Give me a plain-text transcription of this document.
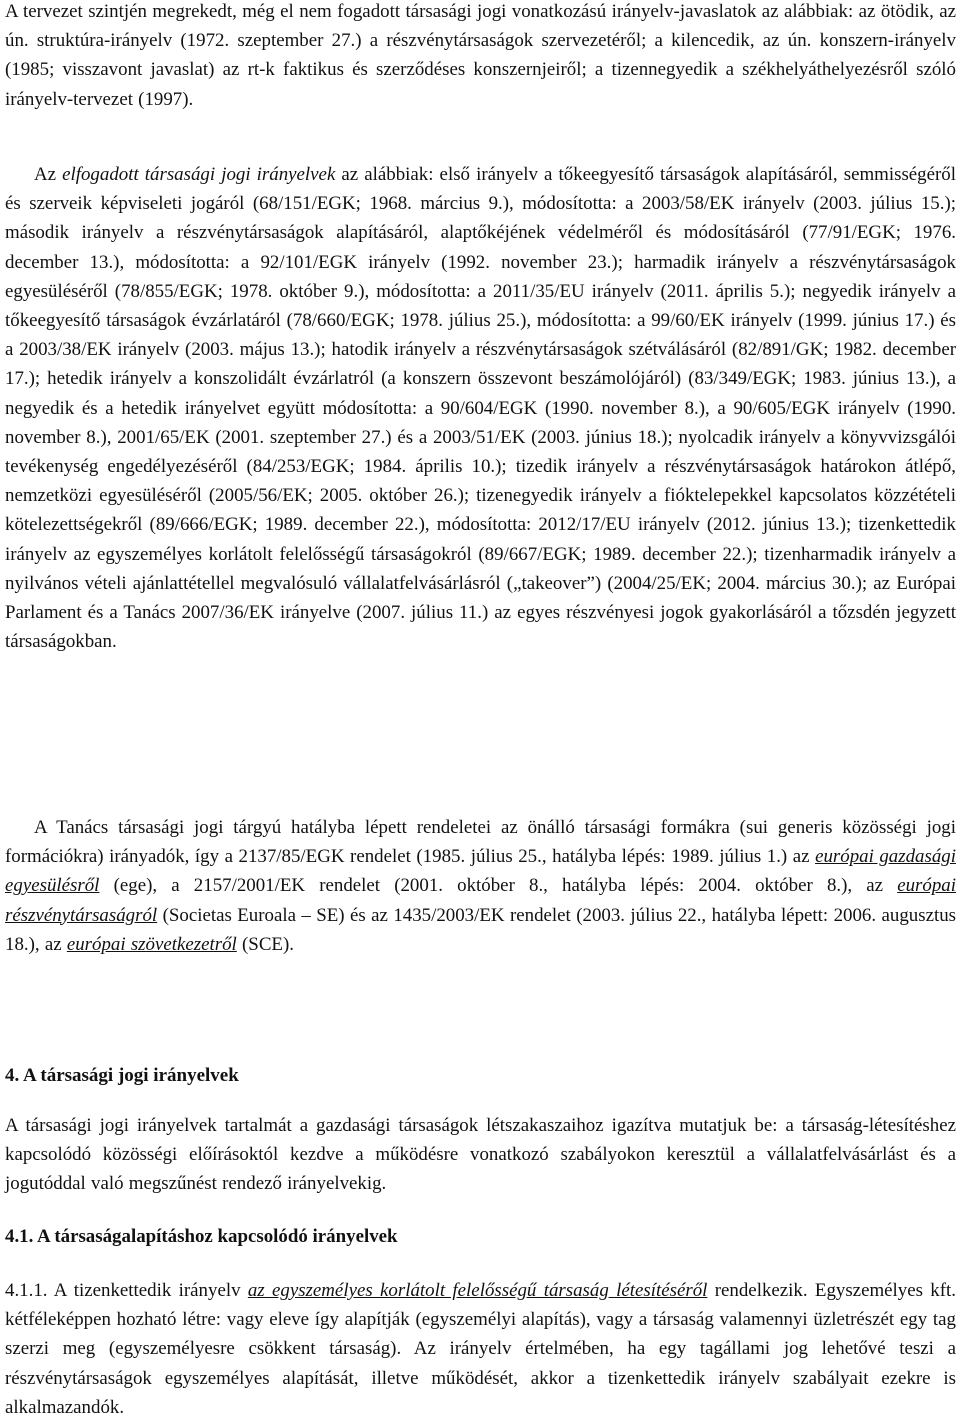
A tervezet szintjén megrekedt, még el nem fogadott társasági jogi vonatkozású irányelv-javaslatok az alábbiak: az ötödik, az ún. struktúra-irányelv (1972. szeptember 27.) a részvénytársaságok szervezetéről; a kilencedik, az ún. konszern-irányelv (1985; visszavont javaslat) az rt-k faktikus és szerződéses konszernjeiről; a tizennegyedik a székhelyáthelyezésről szóló irányelv-tervezet (1997).

Az elfogadott társasági jogi irányelvek az alábbiak: első irányelv a tőkeegyesítő társaságok alapításáról, semmisségéről és szerveik képviseleti jogáról (68/151/EGK; 1968. március 9.), módosította: a 2003/58/EK irányelv (2003. július 15.); második irányelv a részvénytársaságok alapításáról, alaptőkéjének védelméről és módosításáról (77/91/EGK; 1976. december 13.), módosította: a 92/101/EGK irányelv (1992. november 23.); harmadik irányelv a részvénytársaságok egyesüléséről (78/855/EGK; 1978. október 9.), módosította: a 2011/35/EU irányelv (2011. április 5.); negyedik irányelv a tőkeegyesítő társaságok évzárlatáról (78/660/EGK; 1978. július 25.), módosította: a 99/60/EK irányelv (1999. június 17.) és a 2003/38/EK irányelv (2003. május 13.); hatodik irányelv a részvénytársaságok szétválásáról (82/891/GK; 1982. december 17.); hetedik irányelv a konszolidált évzárlatról (a konszern összevont beszámolójáról) (83/349/EGK; 1983. június 13.), a negyedik és a hetedik irányelvet együtt módosította: a 90/604/EGK (1990. november 8.), a 90/605/EGK irányelv (1990. november 8.), 2001/65/EK (2001. szeptember 27.) és a 2003/51/EK (2003. június 18.); nyolcadik irányelv a könyvvizsgálói tevékenység engedélyezéséről (84/253/EGK; 1984. április 10.); tizedik irányelv a részvénytársaságok határokon átlépő, nemzetközi egyesüléséről (2005/56/EK; 2005. október 26.); tizenegyedik irányelv a fióktelepekkel kapcsolatos közzétételi kötelezettségekről (89/666/EGK; 1989. december 22.), módosította: 2012/17/EU irányelv (2012. június 13.); tizenkettedik irányelv az egyszemélyes korlátolt felelősségű társaságokról (89/667/EGK; 1989. december 22.); tizenharmadik irányelv a nyilvános vételi ajánlattétellel megvalósuló vállalatfelvásárlásról („takeover”) (2004/25/EK; 2004. március 30.); az Európai Parlament és a Tanács 2007/36/EK irányelve (2007. július 11.) az egyes részvényesi jogok gyakorlásáról a tőzsdén jegyzett társaságokban.

A Tanács társasági jogi tárgyú hatályba lépett rendeletei az önálló társasági formákra (sui generis közösségi jogi formációkra) irányadók, így a 2137/85/EGK rendelet (1985. július 25., hatályba lépés: 1989. július 1.) az európai gazdasági egyesülésről (ege), a 2157/2001/EK rendelet (2001. október 8., hatályba lépés: 2004. október 8.), az európai részvénytársaságról (Societas Euroala – SE) és az 1435/2003/EK rendelet (2003. július 22., hatályba lépett: 2006. augusztus 18.), az európai szövetkezetről (SCE).

4. A társasági jogi irányelvek

A társasági jogi irányelvek tartalmát a gazdasági társaságok létszakaszaihoz igazítva mutatjuk be: a társaság-létesítéshez kapcsolódó közösségi előírásoktól kezdve a működésre vonatkozó szabályokon keresztül a vállalatfelvásárlást és a jogutóddal való megszűnést rendező irányelvekig.

4.1. A társaságalapításhoz kapcsolódó irányelvek

4.1.1. A tizenkettedik irányelv az egyszemélyes korlátolt felelősségű társaság létesítéséről rendelkezik. Egyszemélyes kft. kétféleképpen hozható létre: vagy eleve így alapítják (egyszemélyi alapítás), vagy a társaság valamennyi üzletrészét egy tag szerzi meg (egyszemélyesre csökkent társaság). Az irányelv értelmében, ha egy tagállami jog lehetővé teszi a részvénytársaságok egyszemélyes alapítását, illetve működését, akkor a tizenkettedik irányelv szabályait ezekre is alkalmazandók.
